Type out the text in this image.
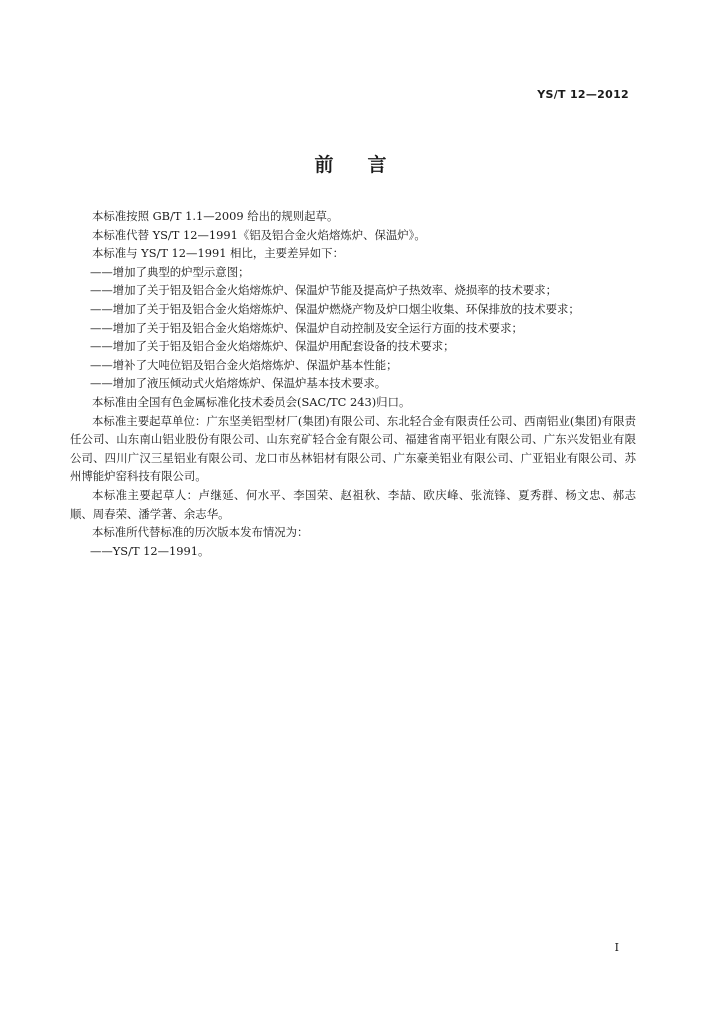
YS/T 12—2012
前言

本标准按照 GB/T 1.1—2009 给出的规则起草。

本标准代替 YS/T 12—1991《铝及铝合金火焰熔炼炉、保温炉》。

本标准与 YS/T 12—1991 相比，主要差异如下：

——增加了典型的炉型示意图；

——增加了关于铝及铝合金火焰熔炼炉、保温炉节能及提高炉子热效率、烧损率的技术要求；

——增加了关于铝及铝合金火焰熔炼炉、保温炉燃烧产物及炉口烟尘收集、环保排放的技术要求；

——增加了关于铝及铝合金火焰熔炼炉、保温炉自动控制及安全运行方面的技术要求；

——增加了关于铝及铝合金火焰熔炼炉、保温炉用配套设备的技术要求；

——增补了大吨位铝及铝合金火焰熔炼炉、保温炉基本性能；

——增加了液压倾动式火焰熔炼炉、保温炉基本技术要求。

本标准由全国有色金属标准化技术委员会(SAC/TC 243)归口。

本标准主要起草单位：广东坚美铝型材厂(集团)有限公司、东北轻合金有限责任公司、西南铝业(集团)有限责任公司、山东南山铝业股份有限公司、山东兖矿轻合金有限公司、福建省南平铝业有限公司、广东兴发铝业有限公司、四川广汉三星铝业有限公司、龙口市丛林铝材有限公司、广东豪美铝业有限公司、广亚铝业有限公司、苏州博能炉窑科技有限公司。

本标准主要起草人：卢继延、何水平、李国荣、赵祖秋、李喆、欧庆峰、张流锋、夏秀群、杨文忠、郝志顺、周春荣、潘学著、余志华。

本标准所代替标准的历次版本发布情况为：

——YS/T 12—1991。

I
